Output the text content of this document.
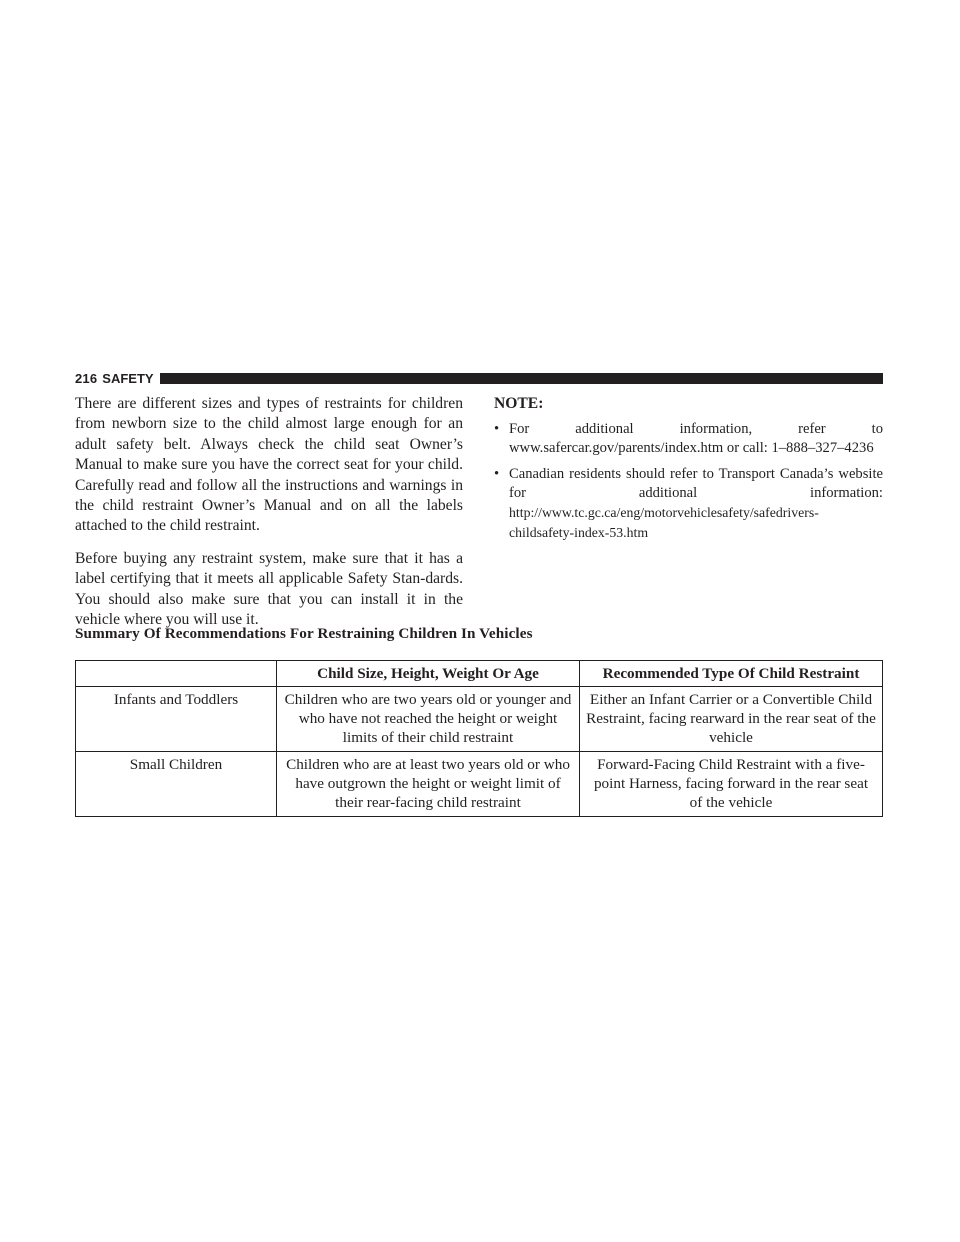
216 SAFETY

There are different sizes and types of restraints for children from newborn size to the child almost large enough for an adult safety belt. Always check the child seat Owner’s Manual to make sure you have the correct seat for your child. Carefully read and follow all the instructions and warnings in the child restraint Owner’s Manual and on all the labels attached to the child restraint.

Before buying any restraint system, make sure that it has a label certifying that it meets all applicable Safety Stan-dards. You should also make sure that you can install it in the vehicle where you will use it.

NOTE:
• For additional information, refer to www.safercar.gov/parents/index.htm or call: 1–888–327–4236
• Canadian residents should refer to Transport Canada’s website for additional information: http://www.tc.gc.ca/eng/motorvehiclesafety/safedrivers-childsafety-index-53.htm
Summary Of Recommendations For Restraining Children In Vehicles
	Child Size, Height, Weight Or Age	Recommended Type Of Child Restraint
Infants and Toddlers	Children who are two years old or younger and who have not reached the height or weight limits of their child restraint	Either an Infant Carrier or a Convertible Child Restraint, facing rearward in the rear seat of the vehicle
Small Children	Children who are at least two years old or who have outgrown the height or weight limit of their rear-facing child restraint	Forward-Facing Child Restraint with a five-point Harness, facing forward in the rear seat of the vehicle
